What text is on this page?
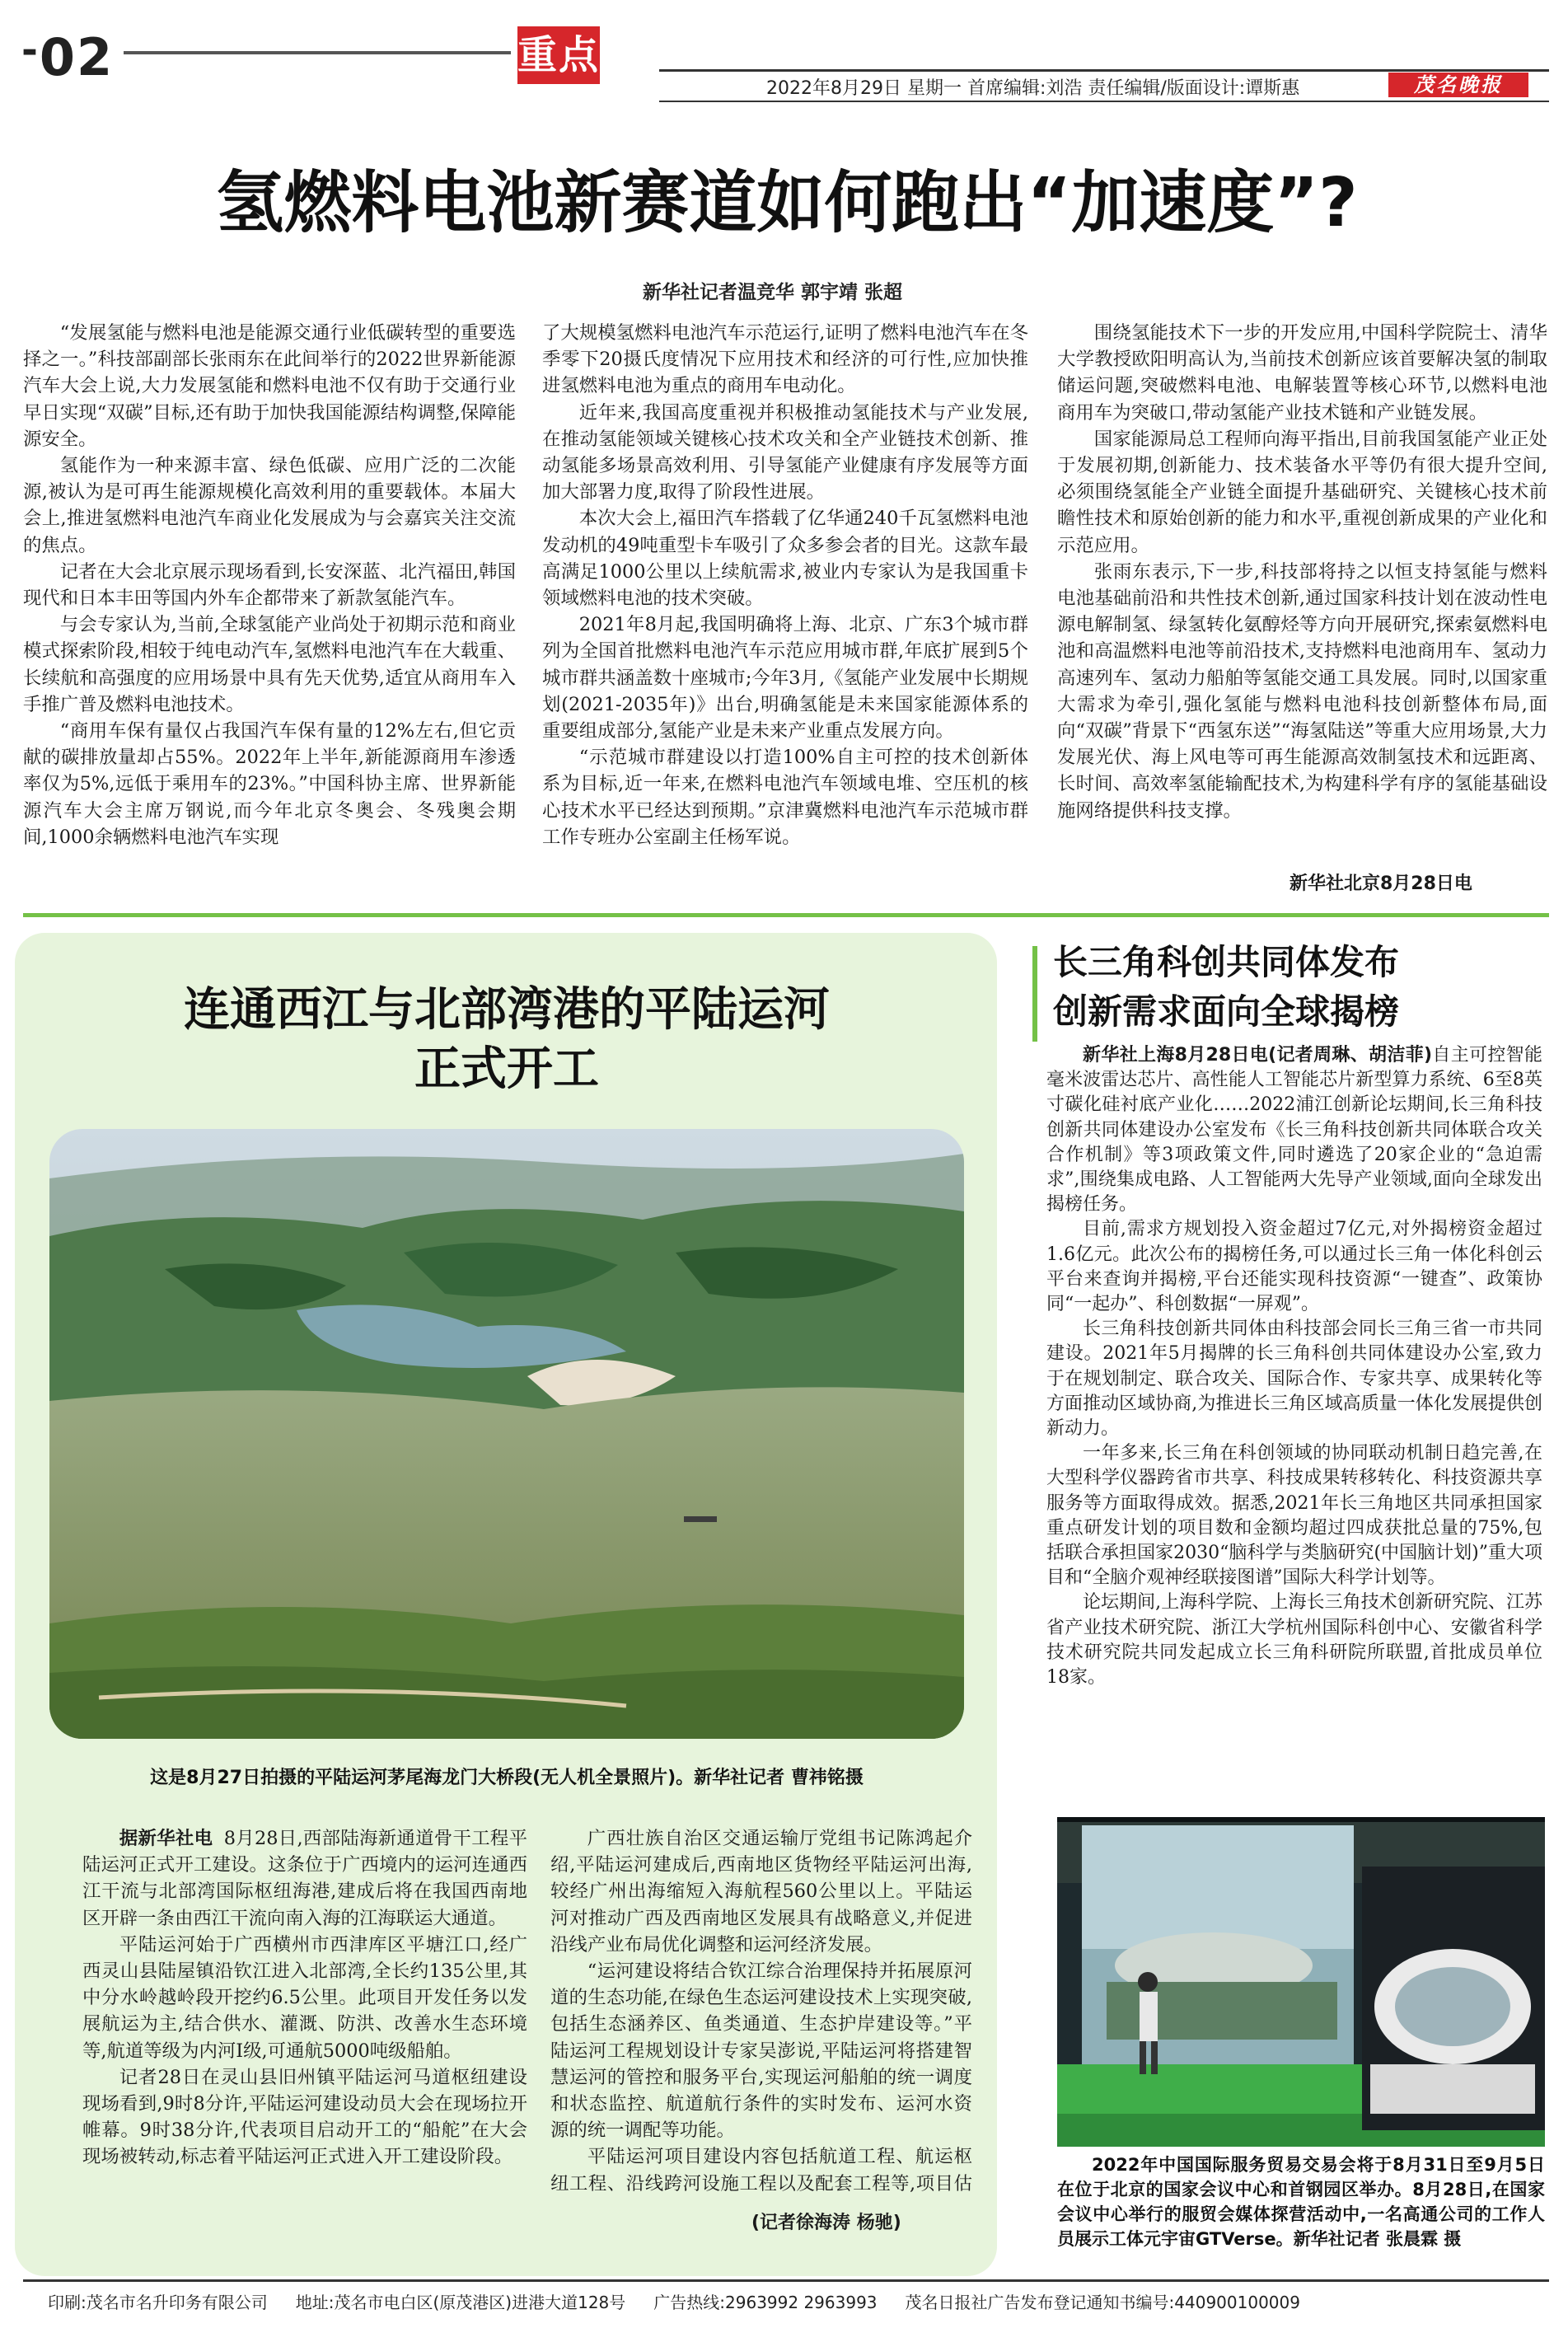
-02	重点
2022年8月29日 星期一 首席编辑:刘浩 责任编辑/版面设计:谭斯惠	茂名晚报
氢燃料电池新赛道如何跑出“加速度”?
新华社记者温竞华 郭宇靖 张超

“发展氢能与燃料电池是能源交通行业低碳转型的重要选择之一。”科技部副部长张雨东在此间举行的2022世界新能源汽车大会上说,大力发展氢能和燃料电池不仅有助于交通行业早日实现“双碳”目标,还有助于加快我国能源结构调整,保障能源安全。

氢能作为一种来源丰富、绿色低碳、应用广泛的二次能源,被认为是可再生能源规模化高效利用的重要载体。本届大会上,推进氢燃料电池汽车商业化发展成为与会嘉宾关注交流的焦点。

记者在大会北京展示现场看到,长安深蓝、北汽福田,韩国现代和日本丰田等国内外车企都带来了新款氢能汽车。

与会专家认为,当前,全球氢能产业尚处于初期示范和商业模式探索阶段,相较于纯电动汽车,氢燃料电池汽车在大载重、长续航和高强度的应用场景中具有先天优势,适宜从商用车入手推广普及燃料电池技术。

“商用车保有量仅占我国汽车保有量的12%左右,但它贡献的碳排放量却占55%。2022年上半年,新能源商用车渗透率仅为5%,远低于乘用车的23%。”中国科协主席、世界新能源汽车大会主席万钢说,而今年北京冬奥会、冬残奥会期间,1000余辆燃料电池汽车实现

了大规模氢燃料电池汽车示范运行,证明了燃料电池汽车在冬季零下20摄氏度情况下应用技术和经济的可行性,应加快推进氢燃料电池为重点的商用车电动化。

近年来,我国高度重视并积极推动氢能技术与产业发展,在推动氢能领域关键核心技术攻关和全产业链技术创新、推动氢能多场景高效利用、引导氢能产业健康有序发展等方面加大部署力度,取得了阶段性进展。

本次大会上,福田汽车搭载了亿华通240千瓦氢燃料电池发动机的49吨重型卡车吸引了众多参会者的目光。这款车最高满足1000公里以上续航需求,被业内专家认为是我国重卡领域燃料电池的技术突破。

2021年8月起,我国明确将上海、北京、广东3个城市群列为全国首批燃料电池汽车示范应用城市群,年底扩展到5个城市群共涵盖数十座城市;今年3月,《氢能产业发展中长期规划(2021-2035年)》出台,明确氢能是未来国家能源体系的重要组成部分,氢能产业是未来产业重点发展方向。

“示范城市群建设以打造100%自主可控的技术创新体系为目标,近一年来,在燃料电池汽车领域电堆、空压机的核心技术水平已经达到预期。”京津冀燃料电池汽车示范城市群工作专班办公室副主任杨军说。

围绕氢能技术下一步的开发应用,中国科学院院士、清华大学教授欧阳明高认为,当前技术创新应该首要解决氢的制取储运问题,突破燃料电池、电解装置等核心环节,以燃料电池商用车为突破口,带动氢能产业技术链和产业链发展。

国家能源局总工程师向海平指出,目前我国氢能产业正处于发展初期,创新能力、技术装备水平等仍有很大提升空间,必须围绕氢能全产业链全面提升基础研究、关键核心技术前瞻性技术和原始创新的能力和水平,重视创新成果的产业化和示范应用。

张雨东表示,下一步,科技部将持之以恒支持氢能与燃料电池基础前沿和共性技术创新,通过国家科技计划在波动性电源电解制氢、绿氢转化氨醇烃等方向开展研究,探索氨燃料电池和高温燃料电池等前沿技术,支持燃料电池商用车、氢动力高速列车、氢动力船舶等氢能交通工具发展。同时,以国家重大需求为牵引,强化氢能与燃料电池科技创新整体布局,面向“双碳”背景下“西氢东送”“海氢陆送”等重大应用场景,大力发展光伏、海上风电等可再生能源高效制氢技术和远距离、长时间、高效率氢能输配技术,为构建科学有序的氢能基础设施网络提供科技支撑。

新华社北京8月28日电
连通西江与北部湾港的平陆运河
正式开工
这是8月27日拍摄的平陆运河茅尾海龙门大桥段(无人机全景照片)。新华社记者 曹祎铭摄

据新华社电 8月28日,西部陆海新通道骨干工程平陆运河正式开工建设。这条位于广西境内的运河连通西江干流与北部湾国际枢纽海港,建成后将在我国西南地区开辟一条由西江干流向南入海的江海联运大通道。

平陆运河始于广西横州市西津库区平塘江口,经广西灵山县陆屋镇沿钦江进入北部湾,全长约135公里,其中分水岭越岭段开挖约6.5公里。此项目开发任务以发展航运为主,结合供水、灌溉、防洪、改善水生态环境等,航道等级为内河I级,可通航5000吨级船舶。

记者28日在灵山县旧州镇平陆运河马道枢纽建设现场看到,9时8分许,平陆运河建设动员大会在现场拉开帷幕。9时38分许,代表项目启动开工的“船舵”在大会现场被转动,标志着平陆运河正式进入开工建设阶段。

广西壮族自治区交通运输厅党组书记陈鸿起介绍,平陆运河建成后,西南地区货物经平陆运河出海,较经广州出海缩短入海航程560公里以上。平陆运河对推动广西及西南地区发展具有战略意义,并促进沿线产业布局优化调整和运河经济发展。

“运河建设将结合钦江综合治理保持并拓展原河道的生态功能,在绿色生态运河建设技术上实现突破,包括生态涵养区、鱼类通道、生态护岸建设等。”平陆运河工程规划设计专家吴澎说,平陆运河将搭建智慧运河的管控和服务平台,实现运河船舶的统一调度和状态监控、航道航行条件的实时发布、运河水资源的统一调配等功能。

平陆运河项目建设内容包括航道工程、航运枢纽工程、沿线跨河设施工程以及配套工程等,项目估

(记者徐海涛 杨驰)
长三角科创共同体发布
创新需求面向全球揭榜

新华社上海8月28日电(记者周琳、胡洁菲)自主可控智能毫米波雷达芯片、高性能人工智能芯片新型算力系统、6至8英寸碳化硅衬底产业化……2022浦江创新论坛期间,长三角科技创新共同体建设办公室发布《长三角科技创新共同体联合攻关合作机制》等3项政策文件,同时遴选了20家企业的“急迫需求”,围绕集成电路、人工智能两大先导产业领域,面向全球发出揭榜任务。

目前,需求方规划投入资金超过7亿元,对外揭榜资金超过1.6亿元。此次公布的揭榜任务,可以通过长三角一体化科创云平台来查询并揭榜,平台还能实现科技资源“一键查”、政策协同“一起办”、科创数据“一屏观”。

长三角科技创新共同体由科技部会同长三角三省一市共同建设。2021年5月揭牌的长三角科创共同体建设办公室,致力于在规划制定、联合攻关、国际合作、专家共享、成果转化等方面推动区域协商,为推进长三角区域高质量一体化发展提供创新动力。

一年多来,长三角在科创领域的协同联动机制日趋完善,在大型科学仪器跨省市共享、科技成果转移转化、科技资源共享服务等方面取得成效。据悉,2021年长三角地区共同承担国家重点研发计划的项目数和金额均超过四成获批总量的75%,包括联合承担国家2030“脑科学与类脑研究(中国脑计划)”重大项目和“全脑介观神经联接图谱”国际大科学计划等。

论坛期间,上海科学院、上海长三角技术创新研究院、江苏省产业技术研究院、浙江大学杭州国际科创中心、安徽省科学技术研究院共同发起成立长三角科研院所联盟,首批成员单位18家。

2022年中国国际服务贸易交易会将于8月31日至9月5日在位于北京的国家会议中心和首钢园区举办。8月28日,在国家会议中心举行的服贸会媒体探营活动中,一名高通公司的工作人员展示工体元宇宙GTVerse。新华社记者 张晨霖 摄
印刷:茂名市名升印务有限公司 地址:茂名市电白区(原茂港区)进港大道128号 广告热线:2963992 2963993 茂名日报社广告发布登记通知书编号:440900100009
